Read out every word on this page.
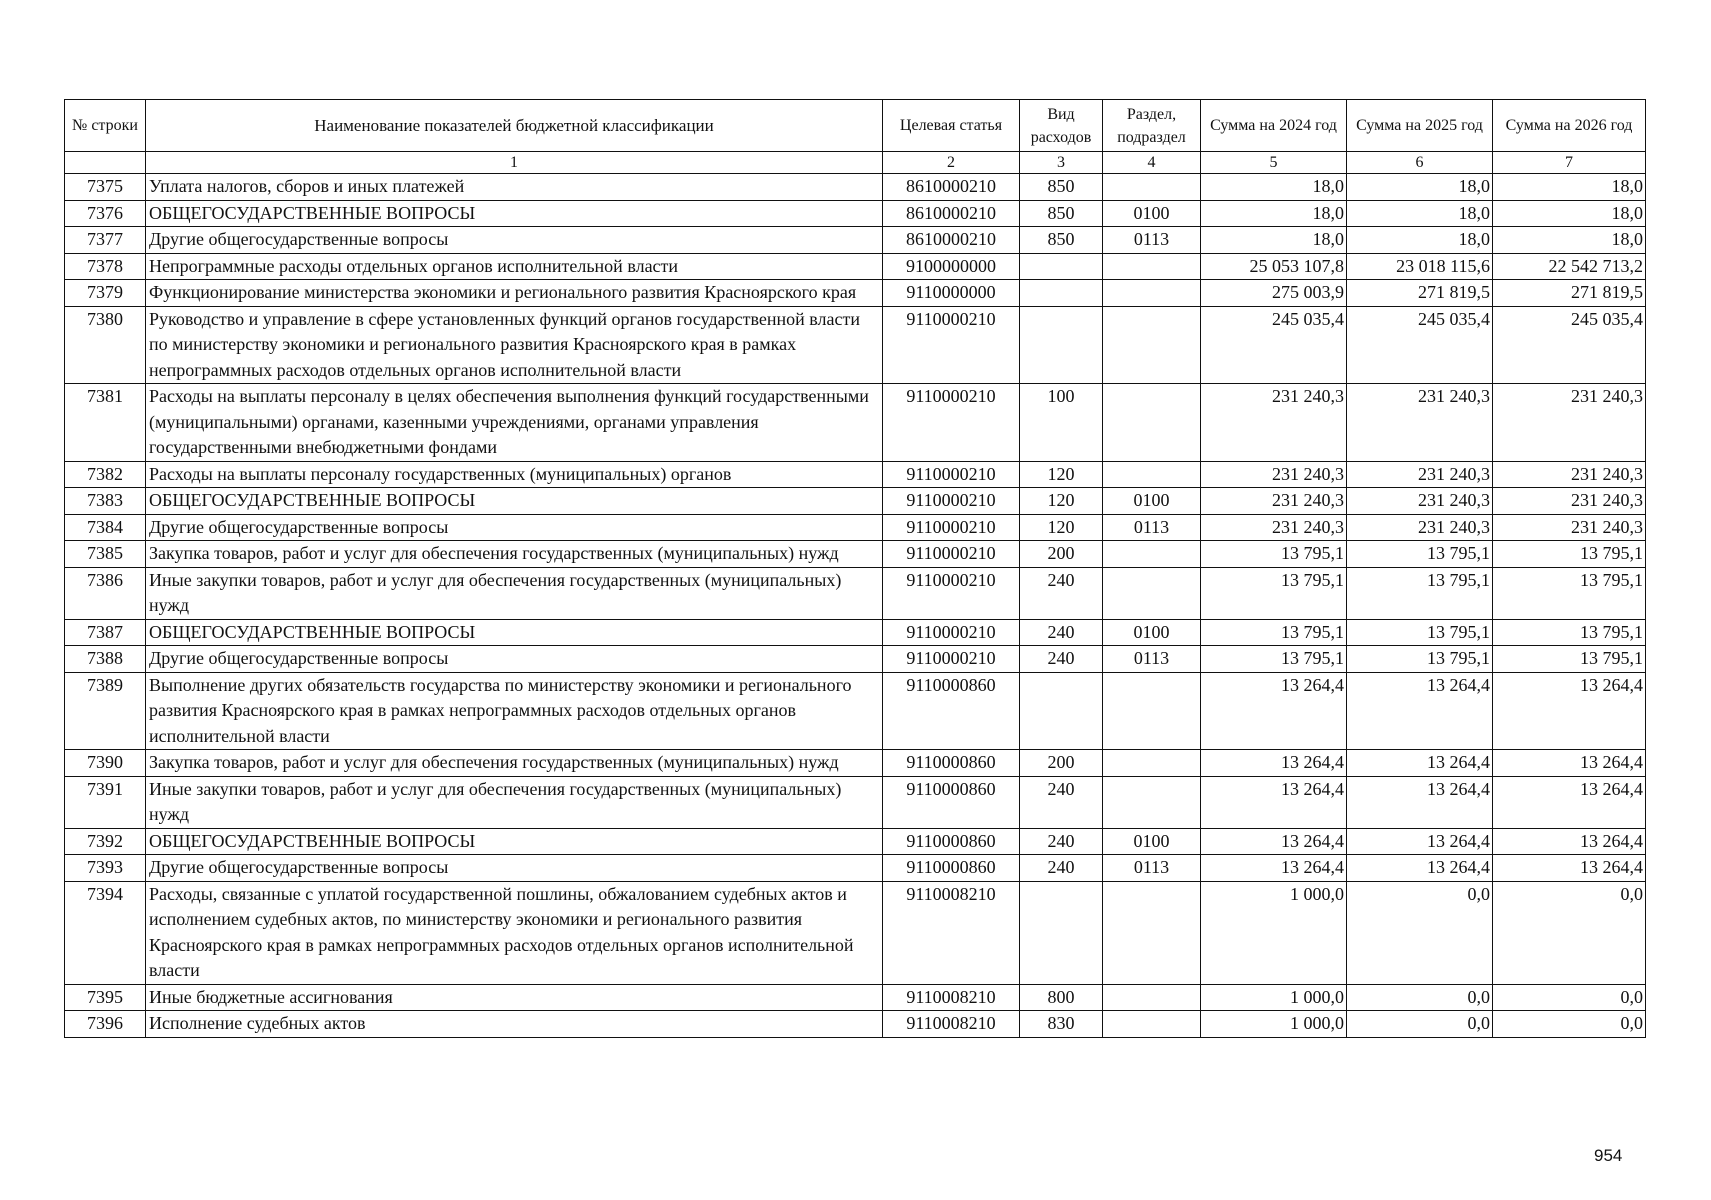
№ строки	Наименование показателей бюджетной классификации	Целевая статья	Вид расходов	Раздел, подраздел	Сумма на 2024 год	Сумма на 2025 год	Сумма на 2026 год
	1	2	3	4	5	6	7
7375	Уплата налогов, сборов и иных платежей	8610000210	850		18,0	18,0	18,0
7376	ОБЩЕГОСУДАРСТВЕННЫЕ ВОПРОСЫ	8610000210	850	0100	18,0	18,0	18,0
7377	Другие общегосударственные вопросы	8610000210	850	0113	18,0	18,0	18,0
7378	Непрограммные расходы отдельных органов исполнительной власти	9100000000			25 053 107,8	23 018 115,6	22 542 713,2
7379	Функционирование министерства экономики и регионального развития Красноярского края	9110000000			275 003,9	271 819,5	271 819,5
7380	Руководство и управление в сфере установленных функций органов государственной власти по министерству экономики и регионального развития Красноярского края в рамках непрограммных расходов отдельных органов исполнительной власти	9110000210			245 035,4	245 035,4	245 035,4
7381	Расходы на выплаты персоналу в целях обеспечения выполнения функций государственными (муниципальными) органами, казенными учреждениями, органами управления государственными внебюджетными фондами	9110000210	100		231 240,3	231 240,3	231 240,3
7382	Расходы на выплаты персоналу государственных (муниципальных) органов	9110000210	120		231 240,3	231 240,3	231 240,3
7383	ОБЩЕГОСУДАРСТВЕННЫЕ ВОПРОСЫ	9110000210	120	0100	231 240,3	231 240,3	231 240,3
7384	Другие общегосударственные вопросы	9110000210	120	0113	231 240,3	231 240,3	231 240,3
7385	Закупка товаров, работ и услуг для обеспечения государственных (муниципальных) нужд	9110000210	200		13 795,1	13 795,1	13 795,1
7386	Иные закупки товаров, работ и услуг для обеспечения государственных (муниципальных) нужд	9110000210	240		13 795,1	13 795,1	13 795,1
7387	ОБЩЕГОСУДАРСТВЕННЫЕ ВОПРОСЫ	9110000210	240	0100	13 795,1	13 795,1	13 795,1
7388	Другие общегосударственные вопросы	9110000210	240	0113	13 795,1	13 795,1	13 795,1
7389	Выполнение других обязательств государства по министерству экономики и регионального развития Красноярского края в рамках непрограммных расходов отдельных органов исполнительной власти	9110000860			13 264,4	13 264,4	13 264,4
7390	Закупка товаров, работ и услуг для обеспечения государственных (муниципальных) нужд	9110000860	200		13 264,4	13 264,4	13 264,4
7391	Иные закупки товаров, работ и услуг для обеспечения государственных (муниципальных) нужд	9110000860	240		13 264,4	13 264,4	13 264,4
7392	ОБЩЕГОСУДАРСТВЕННЫЕ ВОПРОСЫ	9110000860	240	0100	13 264,4	13 264,4	13 264,4
7393	Другие общегосударственные вопросы	9110000860	240	0113	13 264,4	13 264,4	13 264,4
7394	Расходы, связанные с уплатой государственной пошлины, обжалованием судебных актов и исполнением судебных актов, по министерству экономики и регионального развития Красноярского края в рамках непрограммных расходов отдельных органов исполнительной власти	9110008210			1 000,0	0,0	0,0
7395	Иные бюджетные ассигнования	9110008210	800		1 000,0	0,0	0,0
7396	Исполнение судебных актов	9110008210	830		1 000,0	0,0	0,0
954
